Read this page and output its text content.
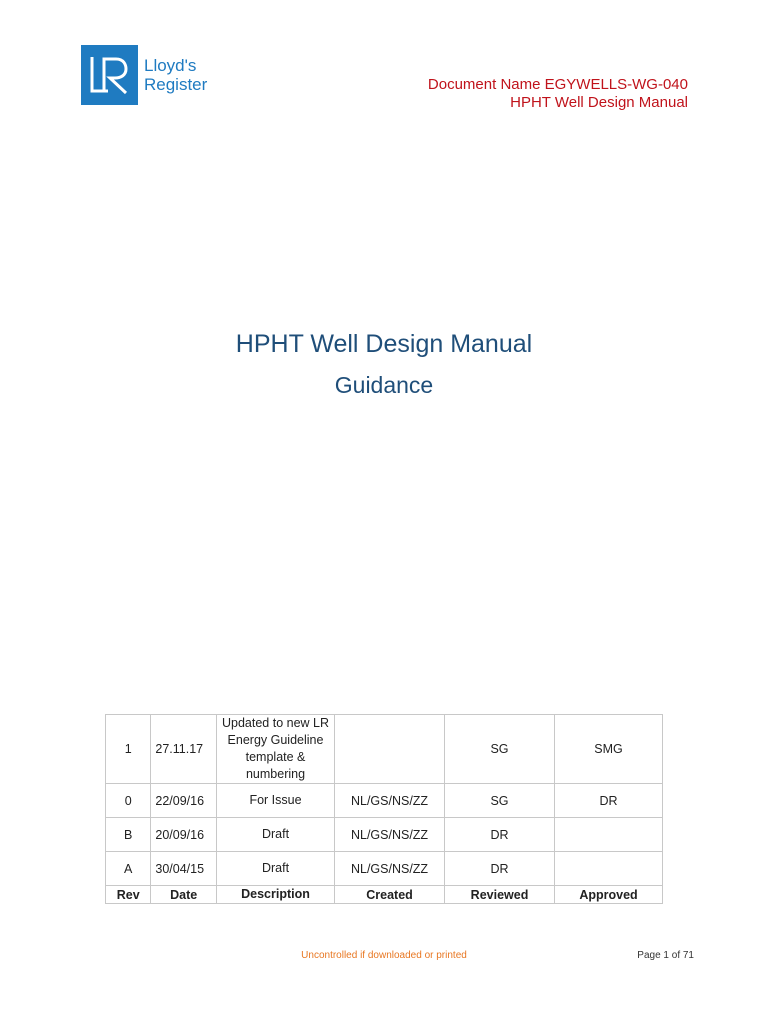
Lloyd's
Register	Document Name EGYWELLS-WG-040
HPHT Well Design Manual
HPHT Well Design Manual
Guidance
1	27.11.17	Updated to new LR Energy Guideline template & numbering		SG	SMG
0	22/09/16	For Issue	NL/GS/NS/ZZ	SG	DR
B	20/09/16	Draft	NL/GS/NS/ZZ	DR	
A	30/04/15	Draft	NL/GS/NS/ZZ	DR	
Rev	Date	Description	Created	Reviewed	Approved
Uncontrolled if downloaded or printed	Page 1 of 71
